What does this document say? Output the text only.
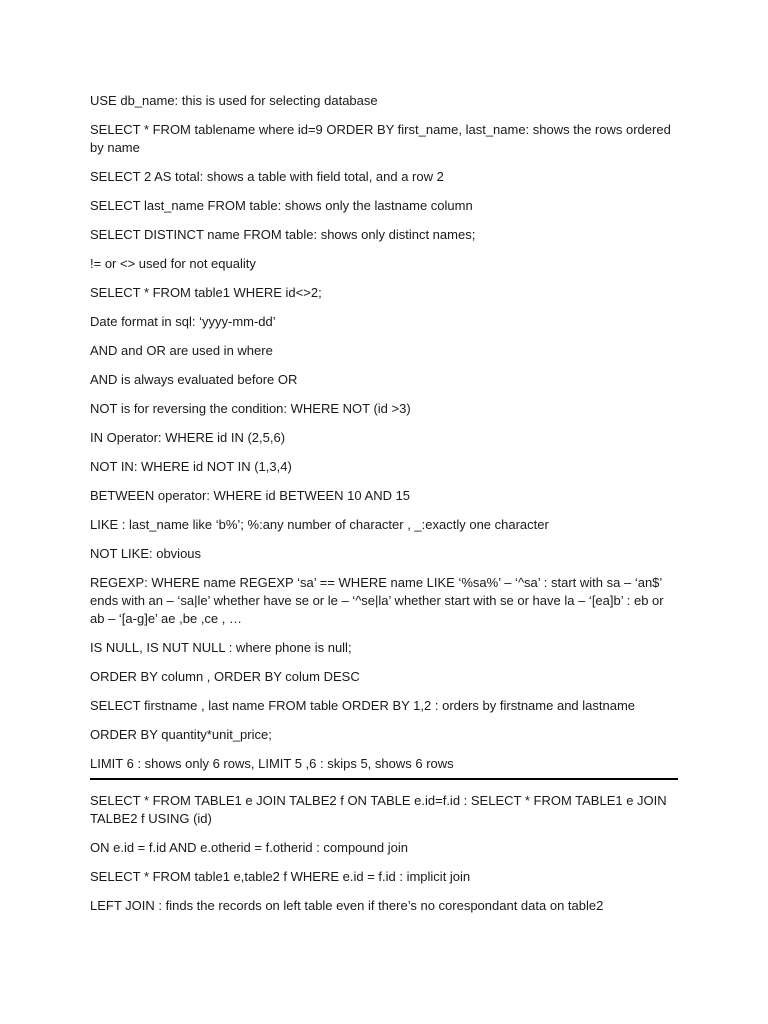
USE db_name: this is used for selecting database

SELECT * FROM tablename where id=9 ORDER BY first_name, last_name: shows the rows ordered by name

SELECT 2 AS total: shows a table with field total, and a row 2

SELECT last_name FROM table: shows only the lastname column

SELECT DISTINCT name FROM table: shows only distinct names;

!= or <> used for not equality

SELECT * FROM table1 WHERE id<>2;

Date format in sql: ‘yyyy-mm-dd’

AND and OR are used in where

AND is always evaluated before OR

NOT is for reversing the condition: WHERE NOT (id >3)

IN Operator: WHERE id IN (2,5,6)

NOT IN: WHERE id NOT IN (1,3,4)

BETWEEN operator: WHERE id BETWEEN 10 AND 15

LIKE : last_name like ‘b%’; %:any number of character , _:exactly one character

NOT LIKE: obvious

REGEXP: WHERE name REGEXP ‘sa’ == WHERE name LIKE ‘%sa%’ – ‘^sa’ : start with sa – ‘an$’ ends with an – ‘sa|le’ whether have se or le – ‘^se|la’ whether start with se or have la – ‘[ea]b’ : eb or ab – ‘[a-g]e’ ae ,be ,ce , …

IS NULL, IS NUT NULL : where phone is null;

ORDER BY column , ORDER BY colum DESC

SELECT firstname , last name FROM table ORDER BY 1,2 : orders by firstname and lastname

ORDER BY quantity*unit_price;

LIMIT 6 : shows only 6 rows, LIMIT 5 ,6 : skips 5, shows 6 rows

SELECT * FROM TABLE1 e JOIN TALBE2 f ON TABLE e.id=f.id : SELECT * FROM TABLE1 e JOIN TALBE2 f USING (id)

ON e.id = f.id AND e.otherid = f.otherid : compound join

SELECT * FROM table1 e,table2 f WHERE e.id = f.id : implicit join

LEFT JOIN : finds the records on left table even if there’s no corespondant data on table2
